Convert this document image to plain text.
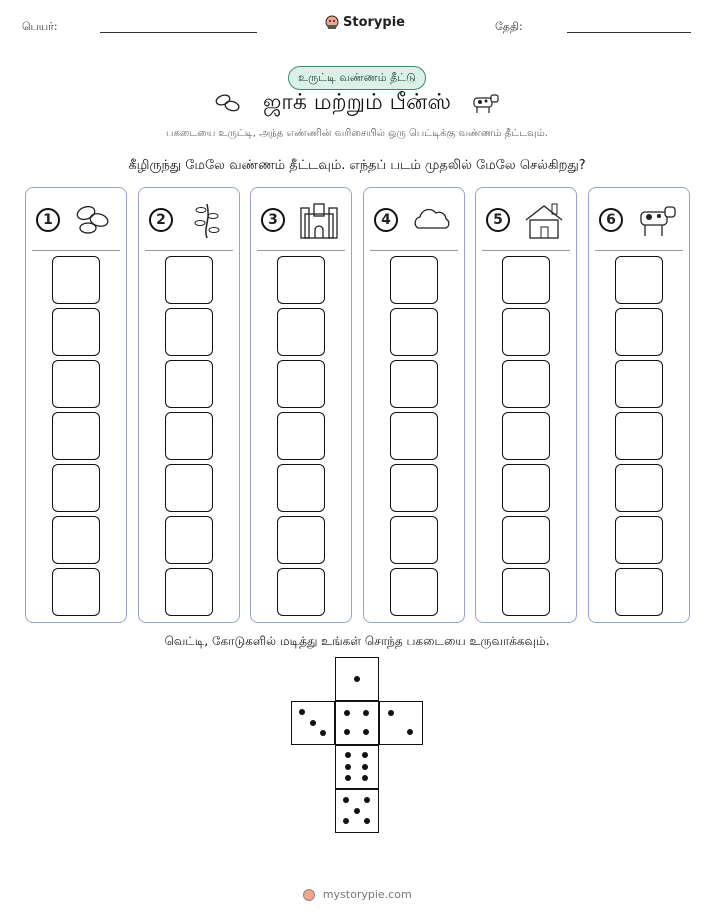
பெயர்:	Storypie	தேதி:
உருட்டி வண்ணம் தீட்டு
ஜாக் மற்றும் பீன்ஸ்
பகடையை உருட்டி, அந்த எண்ணின் வரிசையில் ஒரு பெட்டிக்கு வண்ணம் தீட்டவும்.
கீழிருந்து மேலே வண்ணம் தீட்டவும். எந்தப் படம் முதலில் மேலே செல்கிறது?
1	2	3	4	5	6
வெட்டி, கோடுகளில் மடித்து உங்கள் சொந்த பகடையை உருவாக்கவும்.
mystorypie.com
